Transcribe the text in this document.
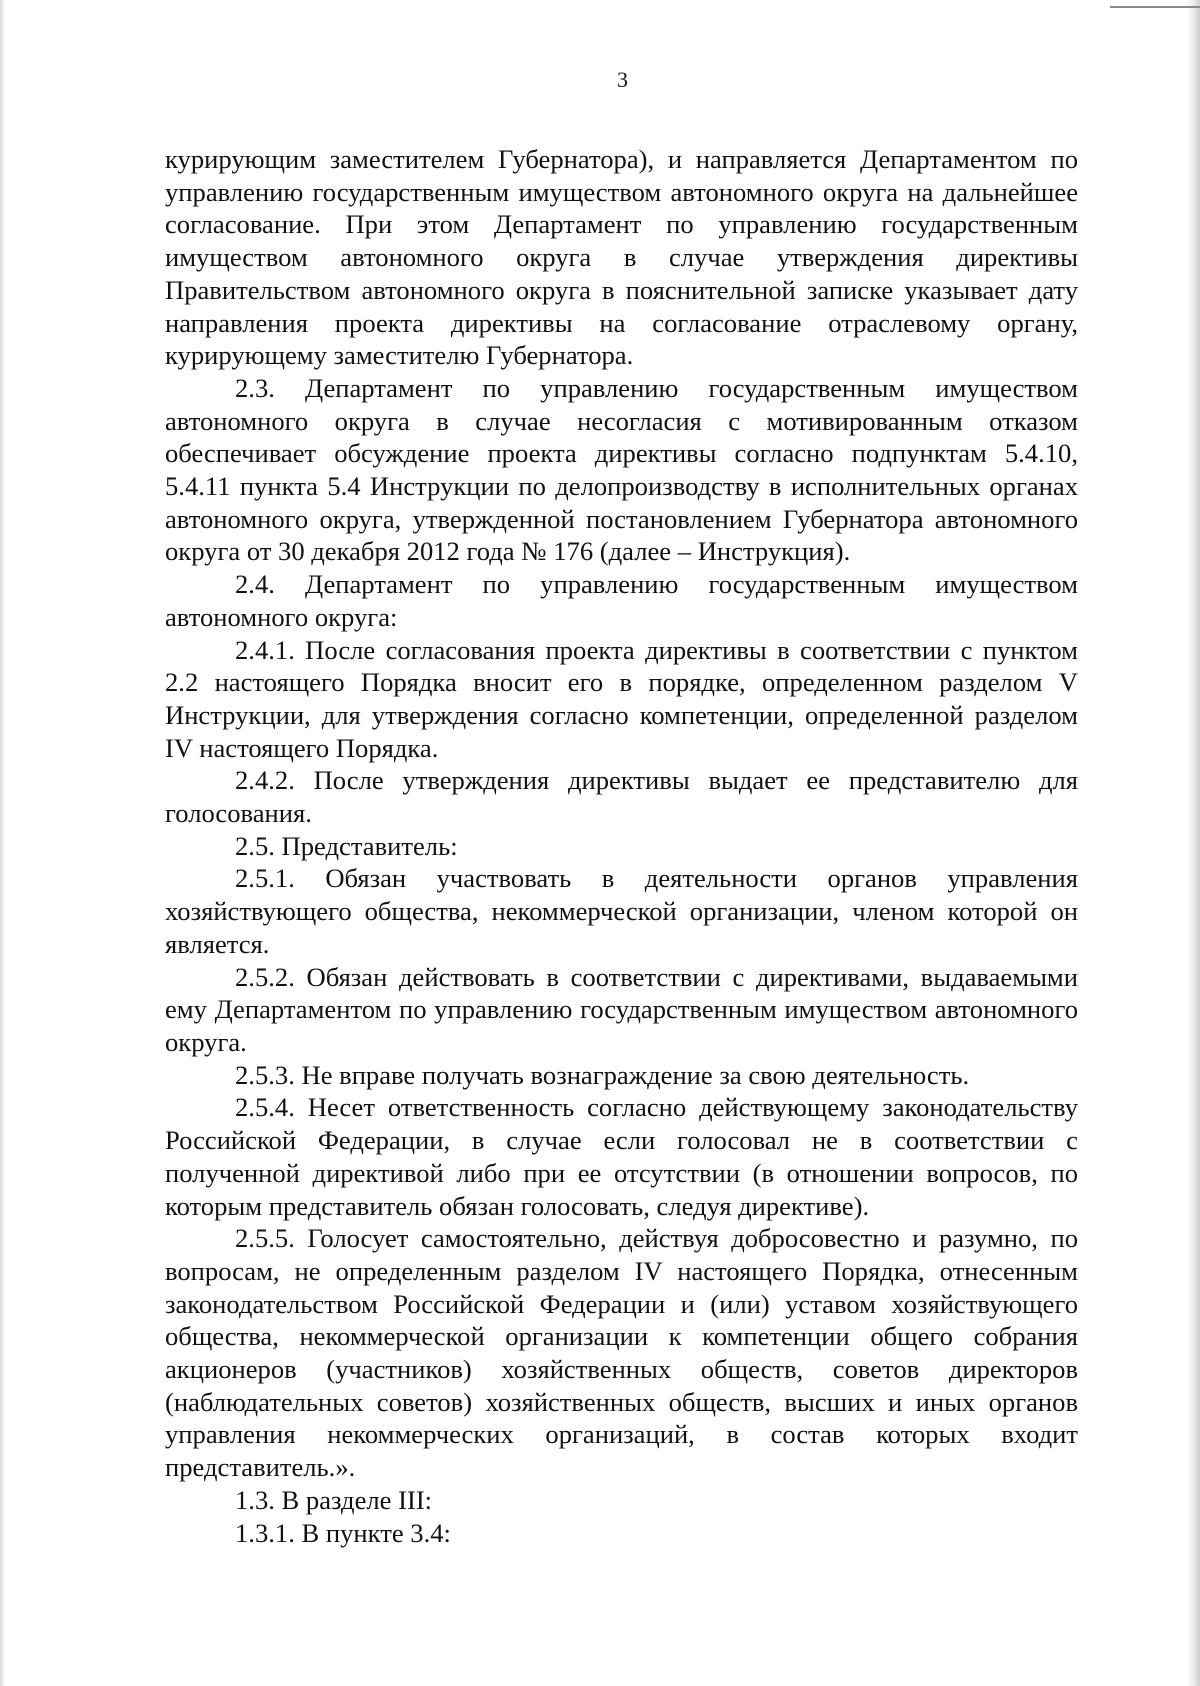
3

курирующим заместителем Губернатора), и направляется Департаментом по управлению государственным имуществом автономного округа на дальнейшее согласование. При этом Департамент по управлению государственным имуществом автономного округа в случае утверждения директивы Правительством автономного округа в пояснительной записке указывает дату направления проекта директивы на согласование отраслевому органу, курирующему заместителю Губернатора.

2.3. Департамент по управлению государственным имуществом автономного округа в случае несогласия с мотивированным отказом обеспечивает обсуждение проекта директивы согласно подпунктам 5.4.10, 5.4.11 пункта 5.4 Инструкции по делопроизводству в исполнительных органах автономного округа, утвержденной постановлением Губернатора автономного округа от 30 декабря 2012 года № 176 (далее – Инструкция).

2.4. Департамент по управлению государственным имуществом автономного округа:

2.4.1. После согласования проекта директивы в соответствии с пунктом 2.2 настоящего Порядка вносит его в порядке, определенном разделом V Инструкции, для утверждения согласно компетенции, определенной разделом IV настоящего Порядка.

2.4.2. После утверждения директивы выдает ее представителю для голосования.

2.5. Представитель:

2.5.1. Обязан участвовать в деятельности органов управления хозяйствующего общества, некоммерческой организации, членом которой он является.

2.5.2. Обязан действовать в соответствии с директивами, выдаваемыми ему Департаментом по управлению государственным имуществом автономного округа.

2.5.3. Не вправе получать вознаграждение за свою деятельность.

2.5.4. Несет ответственность согласно действующему законодательству Российской Федерации, в случае если голосовал не в соответствии с полученной директивой либо при ее отсутствии (в отношении вопросов, по которым представитель обязан голосовать, следуя директиве).

2.5.5. Голосует самостоятельно, действуя добросовестно и разумно, по вопросам, не определенным разделом IV настоящего Порядка, отнесенным законодательством Российской Федерации и (или) уставом хозяйствующего общества, некоммерческой организации к компетенции общего собрания акционеров (участников) хозяйственных обществ, советов директоров (наблюдательных советов) хозяйственных обществ, высших и иных органов управления некоммерческих организаций, в состав которых входит представитель.».

1.3. В разделе III:

1.3.1. В пункте 3.4:
